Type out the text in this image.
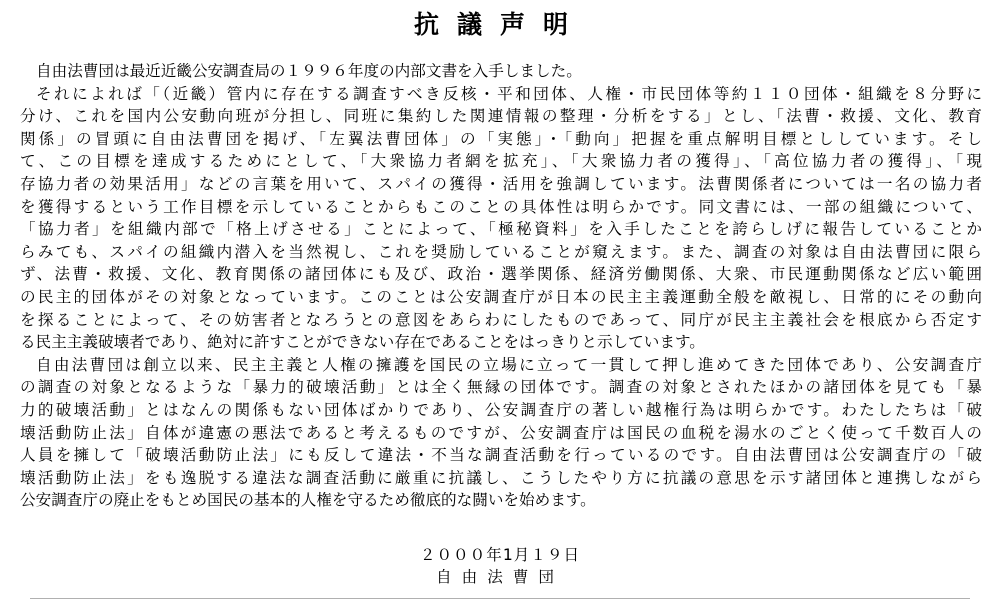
抗議声明
自由法曹団は最近近畿公安調査局の１９９６年度の内部文書を入手しました。
それによれば「（近畿）管内に存在する調査すべき反核・平和団体、人権・市民団体等約１１０団体・組織を８分野に
分け、これを国内公安動向班が分担し、同班に集約した関連情報の整理・分析をする」とし、「法曹・救援、文化、教育
関係」の冒頭に自由法曹団を掲げ、「左翼法曹団体」の「実態」・「動向」把握を重点解明目標とししています。そし
て、この目標を達成するためにとして、「大衆協力者網を拡充」、「大衆協力者の獲得」、「高位協力者の獲得」、「現
存協力者の効果活用」などの言葉を用いて、スパイの獲得・活用を強調しています。法曹関係者については一名の協力者
を獲得するという工作目標を示していることからもこのことの具体性は明らかです。同文書には、一部の組織について、
「協力者」を組織内部で「格上げさせる」ことによって、「極秘資料」を入手したことを誇らしげに報告していることか
らみても、スパイの組織内潜入を当然視し、これを奨励していることが窺えます。また、調査の対象は自由法曹団に限ら
ず、法曹・救援、文化、教育関係の諸団体にも及び、政治・選挙関係、経済労働関係、大衆、市民運動関係など広い範囲
の民主的団体がその対象となっています。このことは公安調査庁が日本の民主主義運動全般を敵視し、日常的にその動向
を探ることによって、その妨害者となろうとの意図をあらわにしたものであって、同庁が民主主義社会を根底から否定す
る民主主義破壊者であり、絶対に許すことができない存在であることをはっきりと示しています。
自由法曹団は創立以来、民主主義と人権の擁護を国民の立場に立って一貫して押し進めてきた団体であり、公安調査庁
の調査の対象となるような「暴力的破壊活動」とは全く無縁の団体です。調査の対象とされたほかの諸団体を見ても「暴
力的破壊活動」とはなんの関係もない団体ばかりであり、公安調査庁の著しい越権行為は明らかです。わたしたちは「破
壊活動防止法」自体が違憲の悪法であると考えるものですが、公安調査庁は国民の血税を湯水のごとく使って千数百人の
人員を擁して「破壊活動防止法」にも反して違法・不当な調査活動を行っているのです。自由法曹団は公安調査庁の「破
壊活動防止法」をも逸脱する違法な調査活動に厳重に抗議し、こうしたやり方に抗議の意思を示す諸団体と連携しながら
公安調査庁の廃止をもとめ国民の基本的人権を守るため徹底的な闘いを始めます。
２０００年1月１９日
自由法曹団
